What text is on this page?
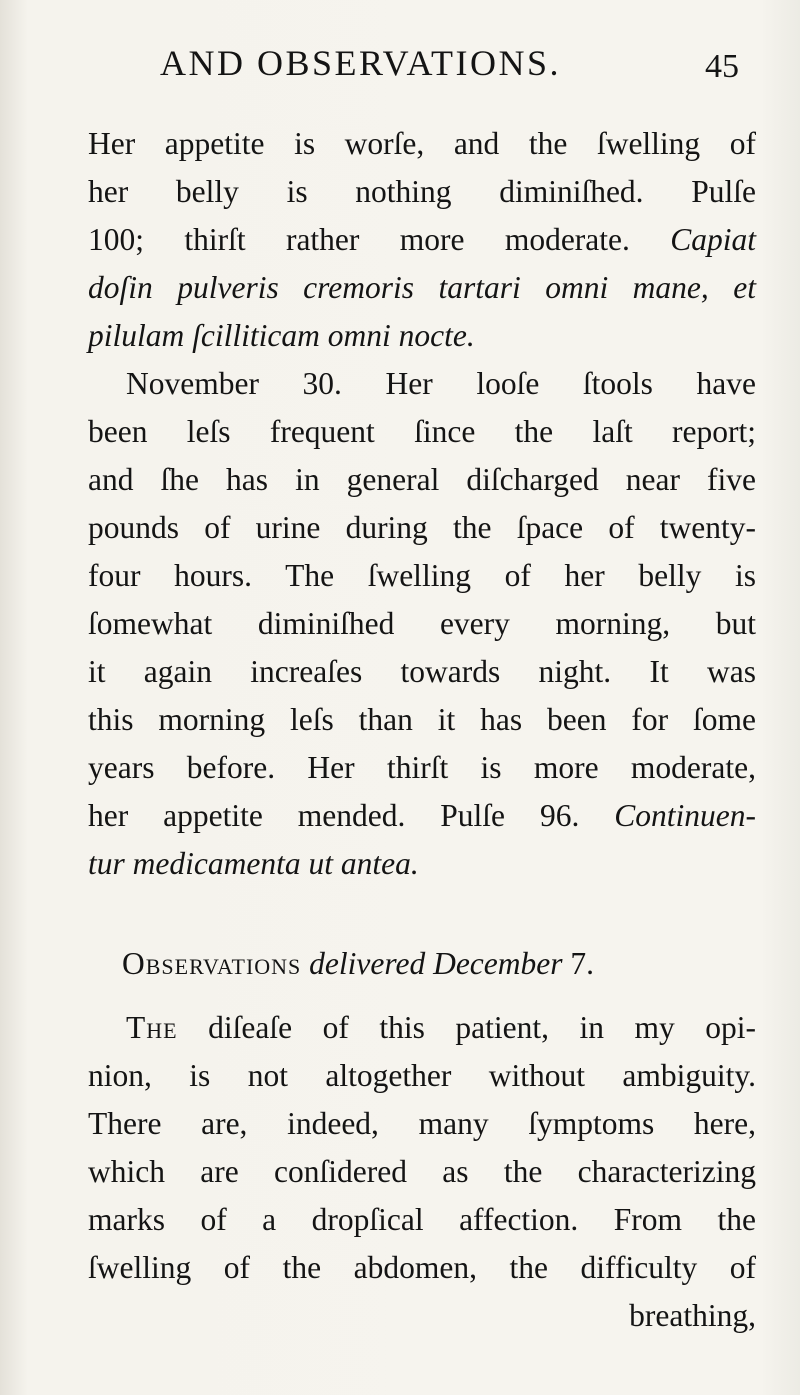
AND OBSERVATIONS.	45
Her appetite is worſe, and the ſwelling of
her belly is nothing diminiſhed. Pulſe
100; thirſt rather more moderate. Capiat
doſin pulveris cremoris tartari omni mane, et
pilulam ſcilliticam omni nocte.
November 30. Her looſe ſtools have
been leſs frequent ſince the laſt report;
and ſhe has in general diſcharged near five
pounds of urine during the ſpace of twenty-
four hours. The ſwelling of her belly is
ſomewhat diminiſhed every morning, but
it again increaſes towards night. It was
this morning leſs than it has been for ſome
years before. Her thirſt is more moderate,
her appetite mended. Pulſe 96. Continuen-
tur medicamenta ut antea.
Observations delivered December 7.
The diſeaſe of this patient, in my opi-
nion, is not altogether without ambiguity.
There are, indeed, many ſymptoms here,
which are conſidered as the characterizing
marks of a dropſical affection. From the
ſwelling of the abdomen, the difficulty of
breathing,
